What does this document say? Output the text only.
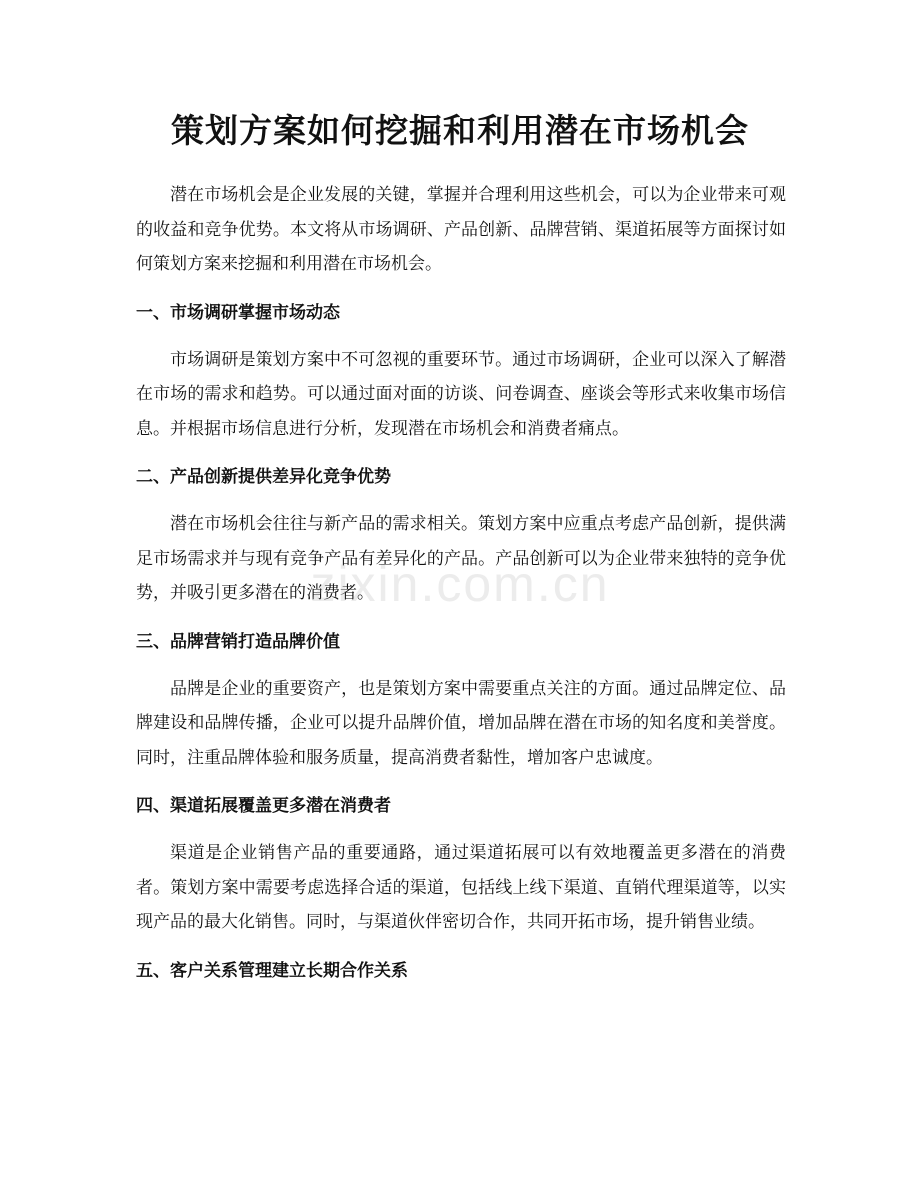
策划方案如何挖掘和利用潜在市场机会

潜在市场机会是企业发展的关键，掌握并合理利用这些机会，可以为企业带来可观的收益和竞争优势。本文将从市场调研、产品创新、品牌营销、渠道拓展等方面探讨如何策划方案来挖掘和利用潜在市场机会。

一、市场调研掌握市场动态

市场调研是策划方案中不可忽视的重要环节。通过市场调研，企业可以深入了解潜在市场的需求和趋势。可以通过面对面的访谈、问卷调查、座谈会等形式来收集市场信息。并根据市场信息进行分析，发现潜在市场机会和消费者痛点。

二、产品创新提供差异化竞争优势

潜在市场机会往往与新产品的需求相关。策划方案中应重点考虑产品创新，提供满足市场需求并与现有竞争产品有差异化的产品。产品创新可以为企业带来独特的竞争优势，并吸引更多潜在的消费者。

三、品牌营销打造品牌价值

品牌是企业的重要资产，也是策划方案中需要重点关注的方面。通过品牌定位、品牌建设和品牌传播，企业可以提升品牌价值，增加品牌在潜在市场的知名度和美誉度。同时，注重品牌体验和服务质量，提高消费者黏性，增加客户忠诚度。

四、渠道拓展覆盖更多潜在消费者

渠道是企业销售产品的重要通路，通过渠道拓展可以有效地覆盖更多潜在的消费者。策划方案中需要考虑选择合适的渠道，包括线上线下渠道、直销代理渠道等，以实现产品的最大化销售。同时，与渠道伙伴密切合作，共同开拓市场，提升销售业绩。

五、客户关系管理建立长期合作关系
zixin.com.cn
